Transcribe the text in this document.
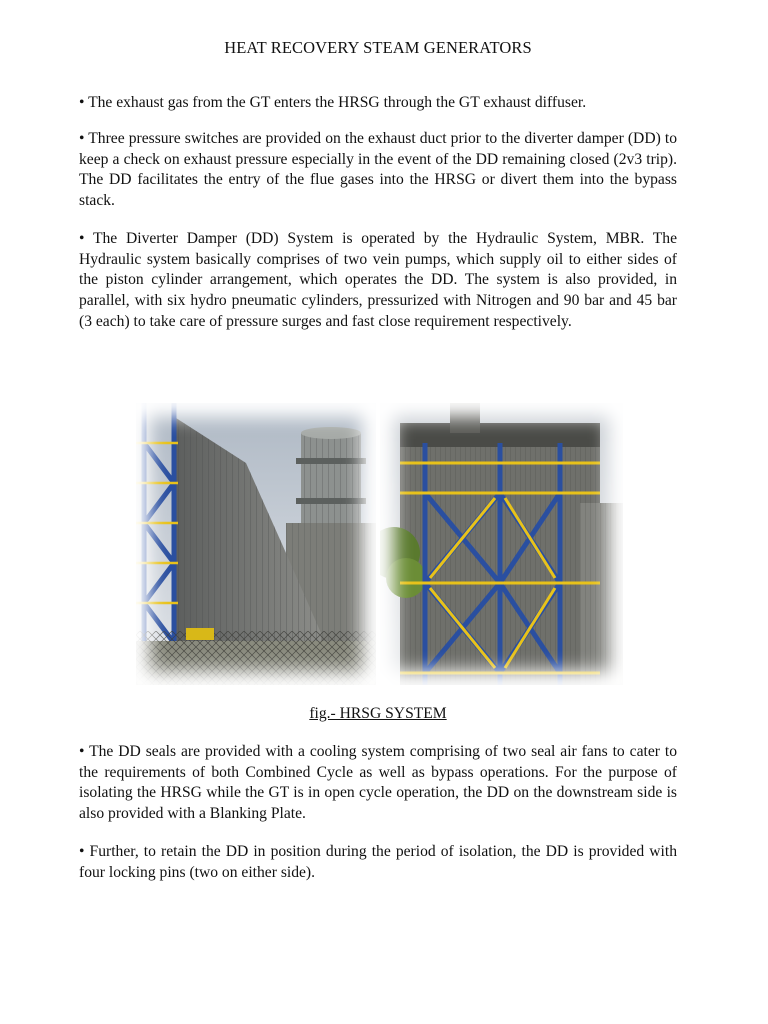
HEAT RECOVERY STEAM GENERATORS

• The exhaust gas from the GT enters the HRSG through the GT exhaust diffuser.

• Three pressure switches are provided on the exhaust duct prior to the diverter damper (DD) to keep a check on exhaust pressure especially in the event of the DD remaining closed (2v3 trip). The DD facilitates the entry of the flue gases into the HRSG or divert them into the bypass stack.

• The Diverter Damper (DD) System is operated by the Hydraulic System, MBR. The Hydraulic system basically comprises of two vein pumps, which supply oil to either sides of the piston cylinder arrangement, which operates the DD. The system is also provided, in parallel, with six hydro pneumatic cylinders, pressurized with Nitrogen and 90 bar and 45 bar (3 each) to take care of pressure surges and fast close requirement respectively.

fig.- HRSG SYSTEM

• The DD seals are provided with a cooling system comprising of two seal air fans to cater to the requirements of both Combined Cycle as well as bypass operations. For the purpose of isolating the HRSG while the GT is in open cycle operation, the DD on the downstream side is also provided with a Blanking Plate.

• Further, to retain the DD in position during the period of isolation, the DD is provided with four locking pins (two on either side).
